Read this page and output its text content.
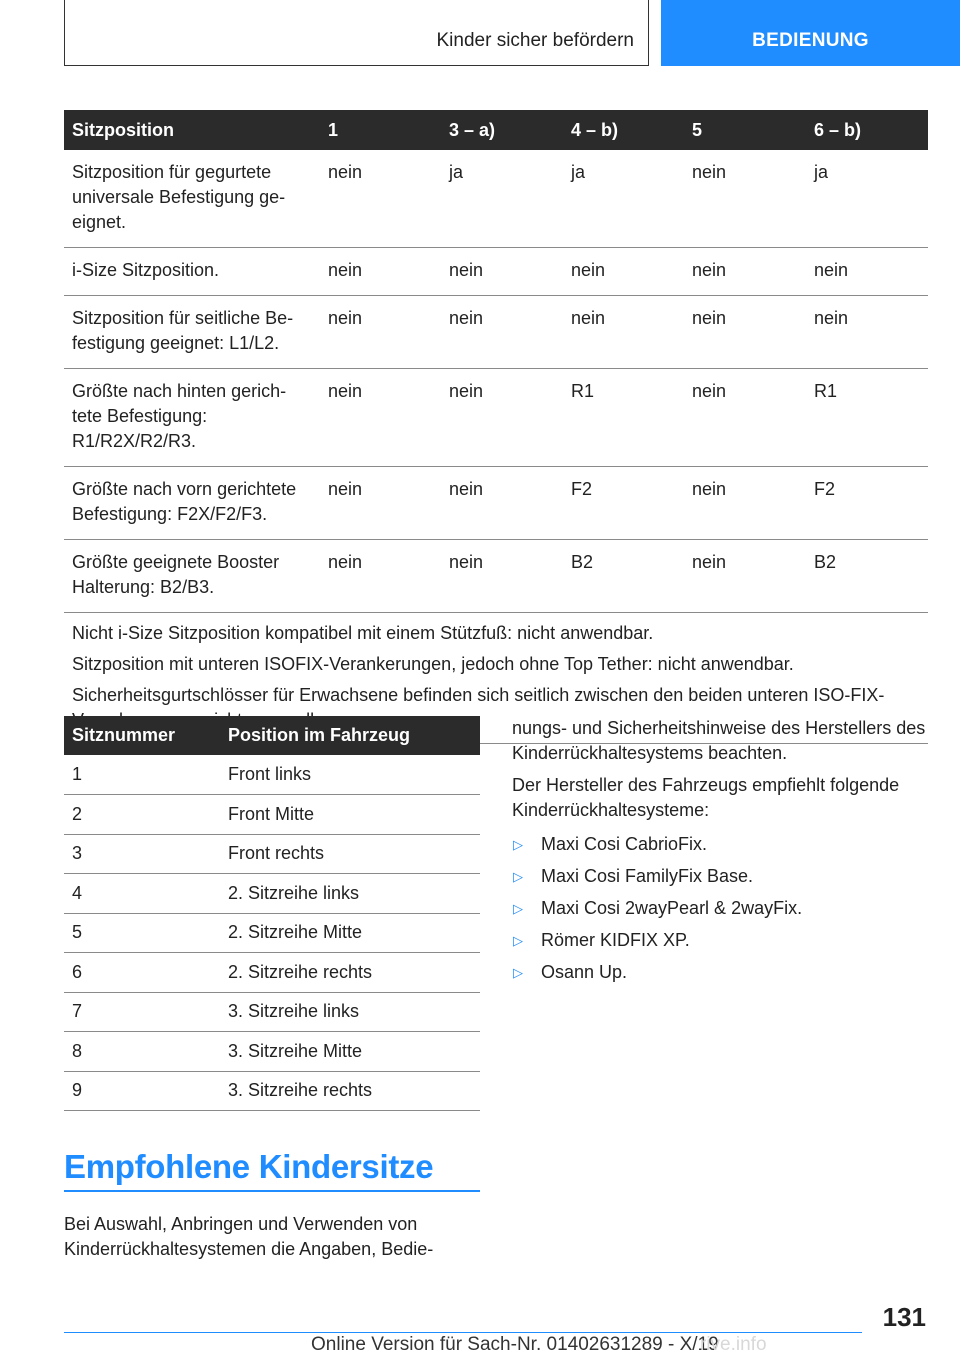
Kinder sicher befördern	BEDIENUNG
Sitzposition	1	3 – a)	4 – b)	5	6 – b)
Sitzposition für gegurtete universale Befestigung ge-eignet.	nein	ja	ja	nein	ja
i-Size Sitzposition.	nein	nein	nein	nein	nein
Sitzposition für seitliche Be-festigung geeignet: L1/L2.	nein	nein	nein	nein	nein
Größte nach hinten gerich-tete Befestigung: R1/R2X/R2/R3.	nein	nein	R1	nein	R1
Größte nach vorn gerichtete Befestigung: F2X/F2/F3.	nein	nein	F2	nein	F2
Größte geeignete Booster Halterung: B2/B3.	nein	nein	B2	nein	B2

Nicht i-Size Sitzposition kompatibel mit einem Stützfuß: nicht anwendbar.

Sitzposition mit unteren ISOFIX-Verankerungen, jedoch ohne Top Tether: nicht anwendbar.

Sicherheitsgurtschlösser für Erwachsene befinden sich seitlich zwischen den beiden unteren ISO-FIX-					

Sitznummer	Position im Fahrzeug
1	Front links
2	Front Mitte
3	Front rechts
4	2. Sitzreihe links
5	2. Sitzreihe Mitte
6	2. Sitzreihe rechts
7	3. Sitzreihe links
8	3. Sitzreihe Mitte
9	3. Sitzreihe rechts

nungs- und Sicherheitshinweise des Herstellers des Kinderrückhaltesystems beachten.

Der Hersteller des Fahrzeugs empfiehlt folgende Kinderrückhaltesysteme:

▷	Maxi Cosi CabrioFix.
▷	Maxi Cosi FamilyFix Base.
▷	Maxi Cosi 2wayPearl & 2wayFix.
▷	Römer KIDFIX XP.
▷	Osann Up.
Empfohlene Kindersitze

Bei Auswahl, Anbringen und Verwenden von Kinderrückhaltesystemen die Angaben, Bedie-

131
Online Version für Sach-Nr. 01402631289 - X/19
rive.info
